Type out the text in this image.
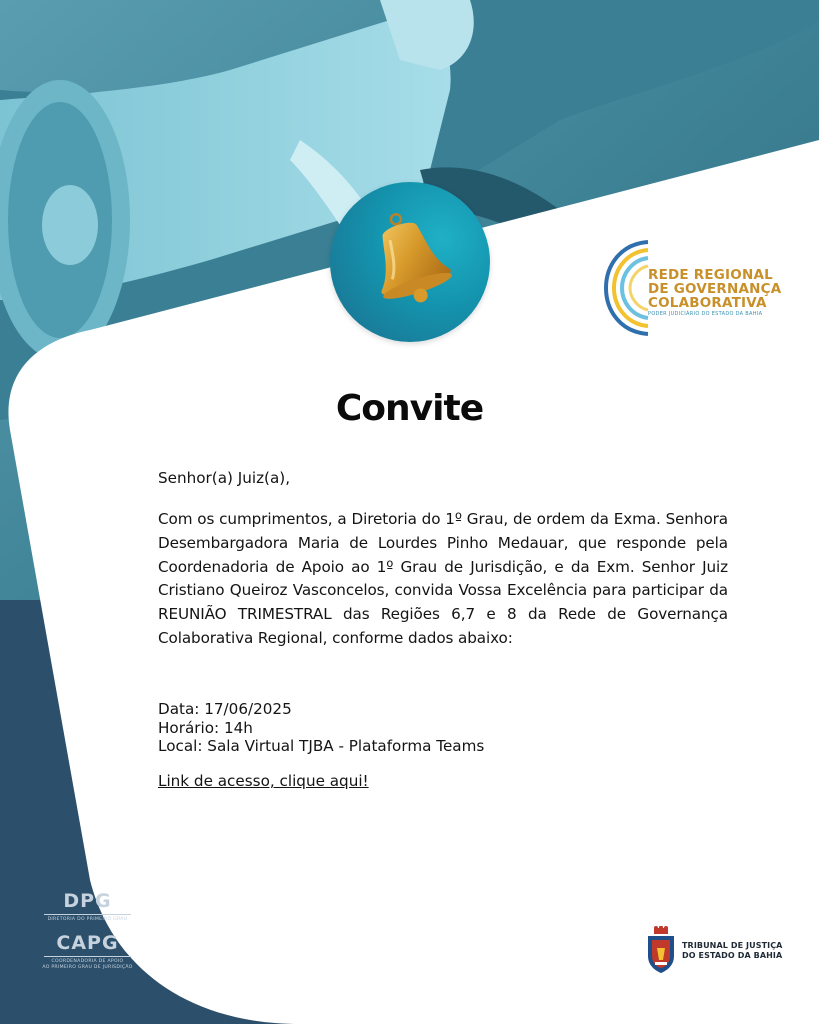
REDE REGIONAL
DE GOVERNANÇA
COLABORATIVA
PODER JUDICIÁRIO DO ESTADO DA BAHIA
Convite
Senhor(a) Juiz(a),
Com os cumprimentos, a Diretoria do 1º Grau, de ordem da Exma. Senhora Desembargadora Maria de Lourdes Pinho Medauar, que responde pela Coordenadoria de Apoio ao 1º Grau de Jurisdição, e da Exm. Senhor Juiz Cristiano Queiroz Vasconcelos, convida Vossa Excelência para participar da REUNIÃO TRIMESTRAL das Regiões 6,7 e 8 da Rede de Governança Colaborativa Regional, conforme dados abaixo:
Data: 17/06/2025
Horário: 14h
Local: Sala Virtual TJBA - Plataforma Teams
Link de acesso, clique aqui!
DPG
DIRETORIA DO PRIMEIRO GRAU
CAPG
COORDENADORIA DE APOIO
AO PRIMEIRO GRAU DE JURISDIÇÃO
TRIBUNAL DE JUSTIÇA
DO ESTADO DA BAHIA
